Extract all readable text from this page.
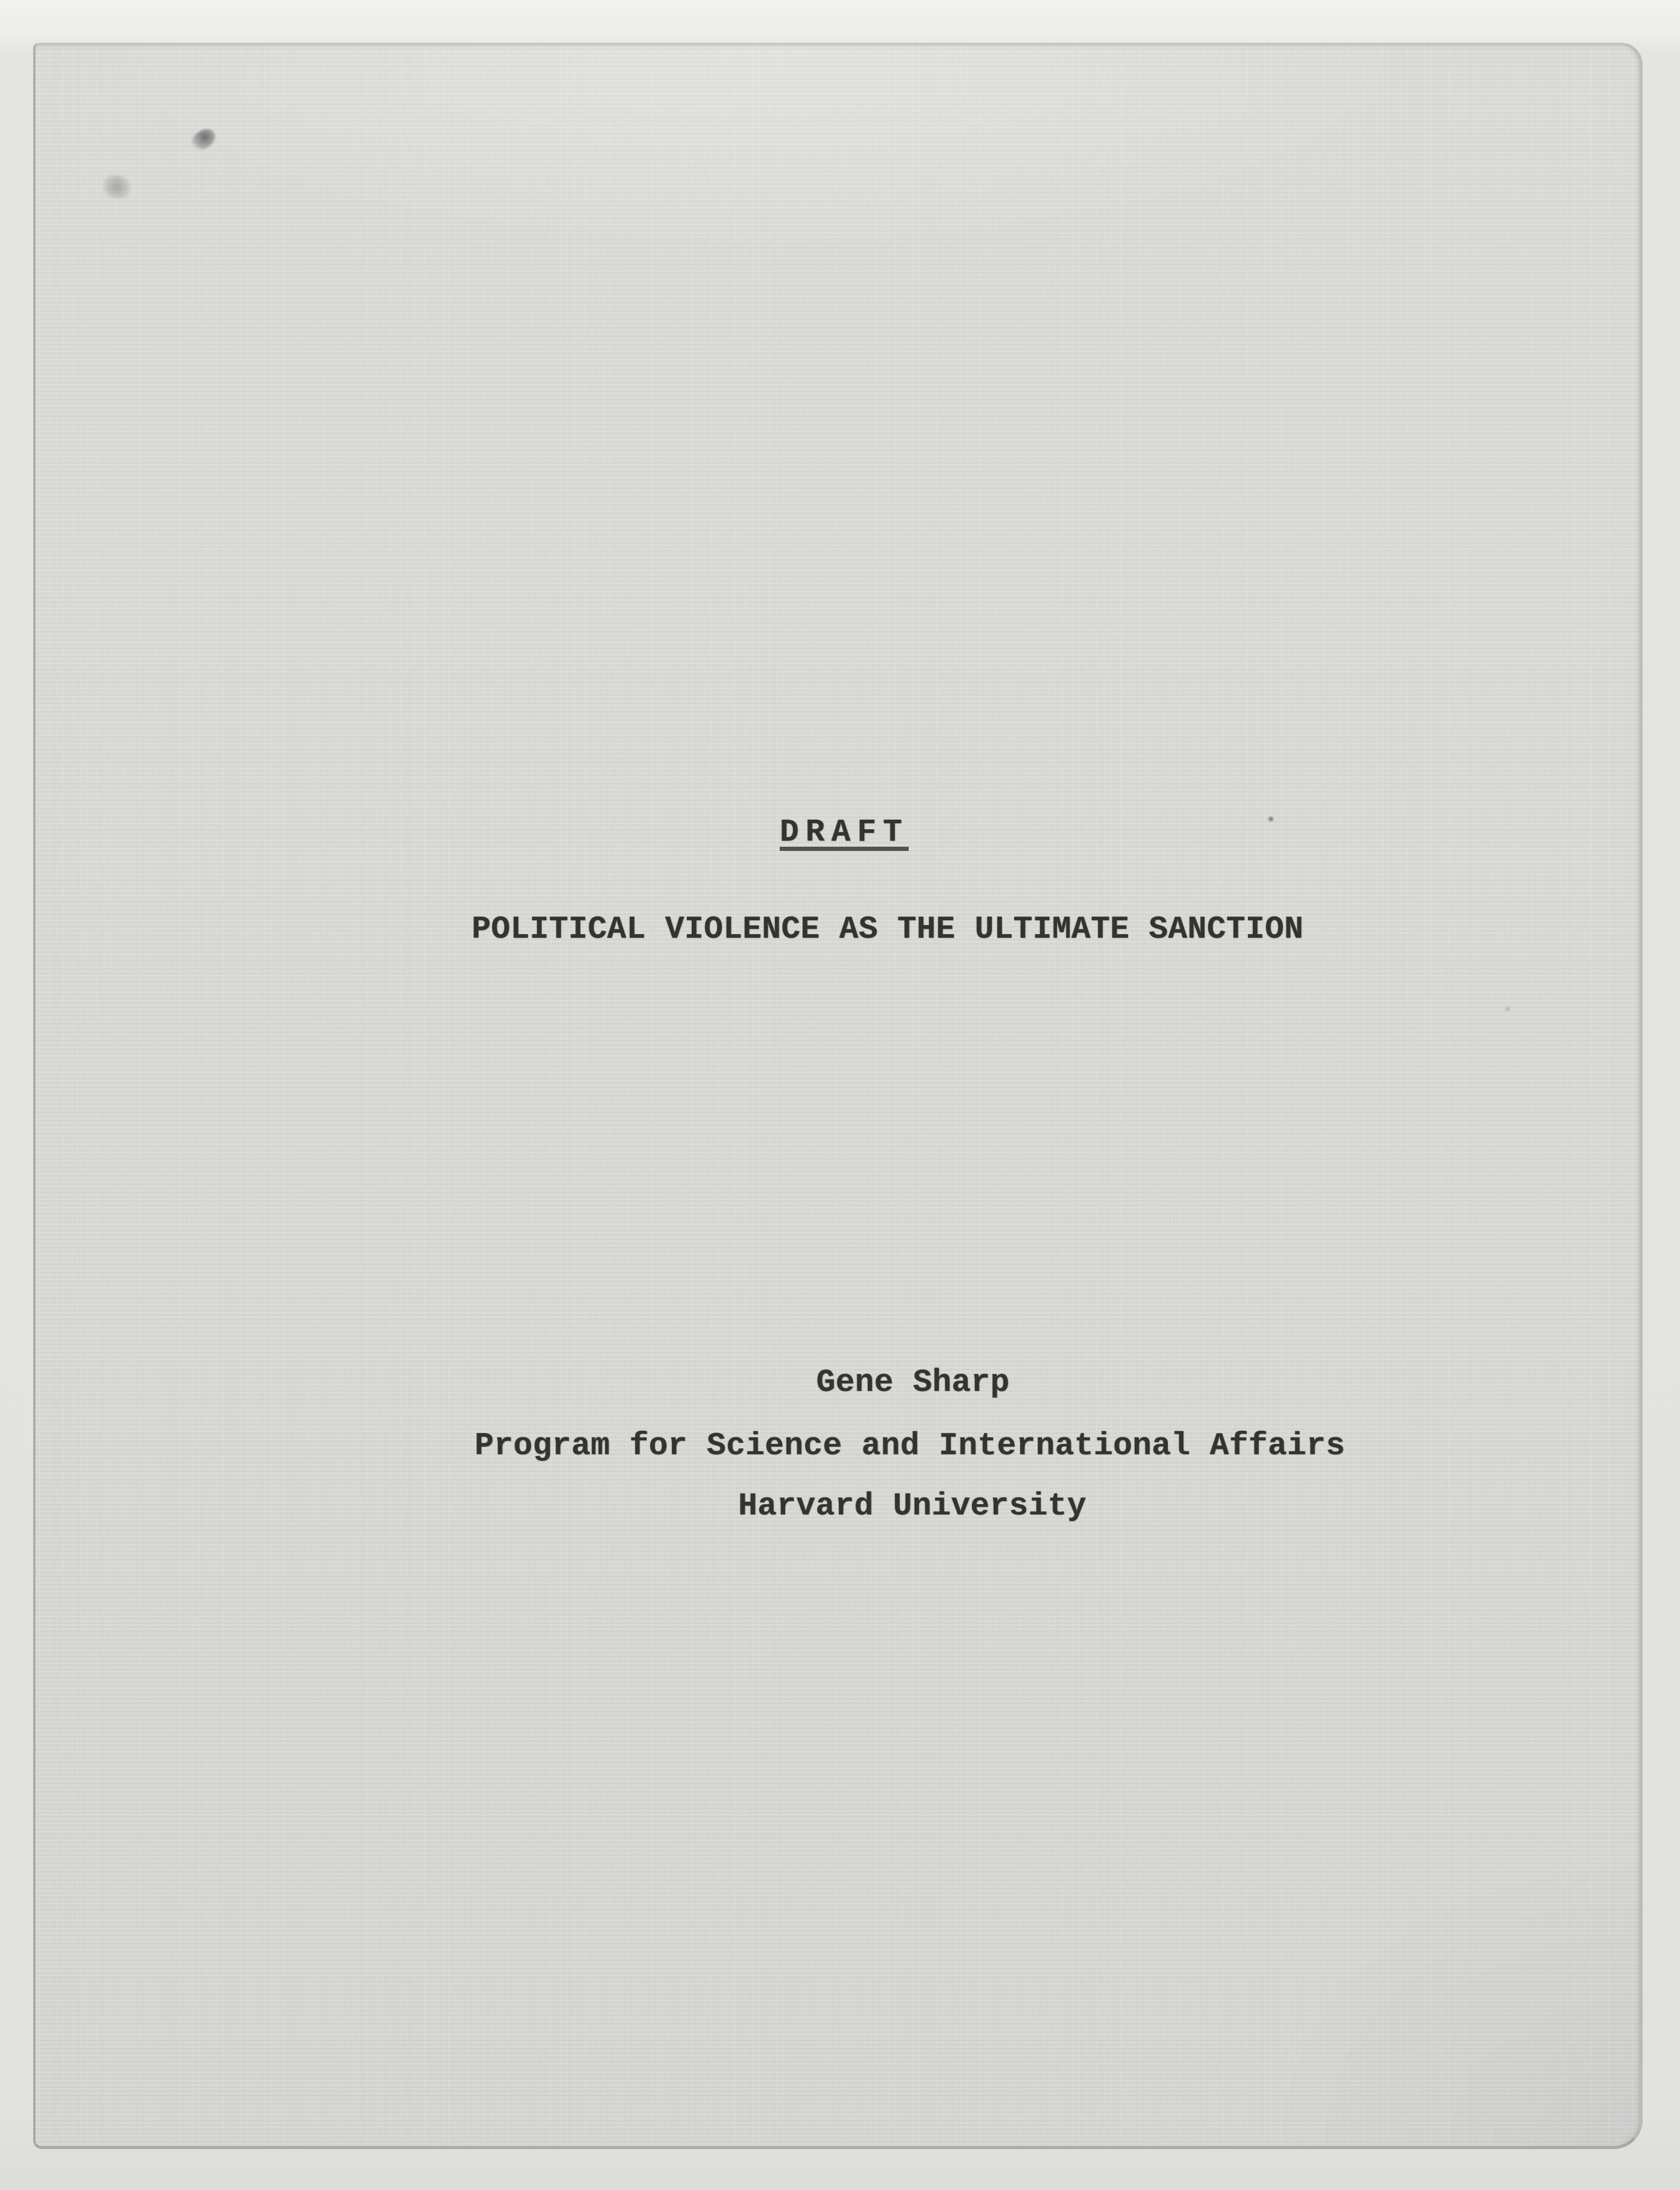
DRAFT
POLITICAL VIOLENCE AS THE ULTIMATE SANCTION
Gene Sharp
Program for Science and International Affairs
Harvard University
